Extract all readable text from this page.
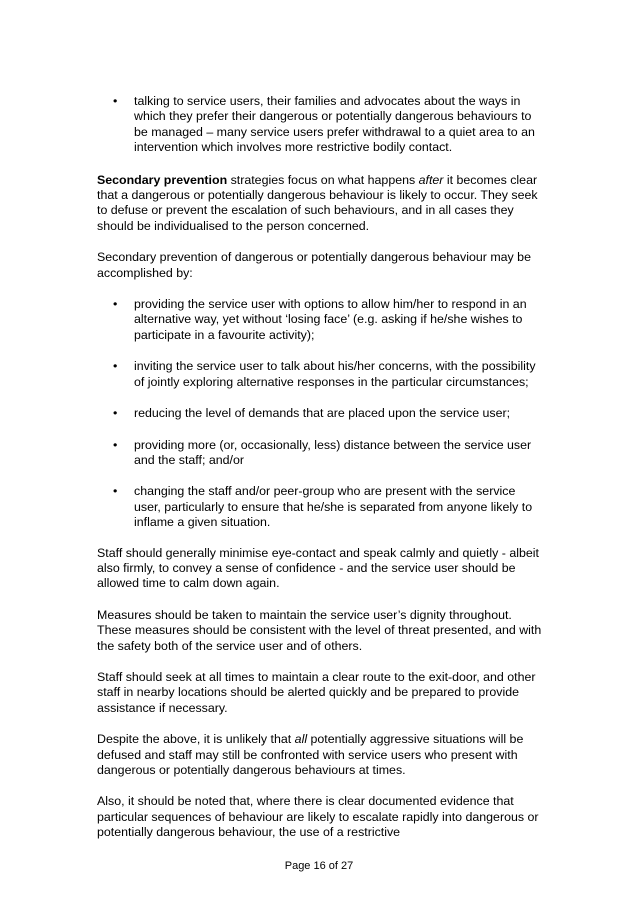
• talking to service users, their families and advocates about the ways in which they prefer their dangerous or potentially dangerous behaviours to be managed – many service users prefer withdrawal to a quiet area to an intervention which involves more restrictive bodily contact.

Secondary prevention strategies focus on what happens after it becomes clear that a dangerous or potentially dangerous behaviour is likely to occur. They seek to defuse or prevent the escalation of such behaviours, and in all cases they should be individualised to the person concerned.

Secondary prevention of dangerous or potentially dangerous behaviour may be accomplished by:

• providing the service user with options to allow him/her to respond in an alternative way, yet without ‘losing face’ (e.g. asking if he/she wishes to participate in a favourite activity);
• inviting the service user to talk about his/her concerns, with the possibility of jointly exploring alternative responses in the particular circumstances;
• reducing the level of demands that are placed upon the service user;
• providing more (or, occasionally, less) distance between the service user and the staff; and/or
• changing the staff and/or peer-group who are present with the service user, particularly to ensure that he/she is separated from anyone likely to inflame a given situation.

Staff should generally minimise eye-contact and speak calmly and quietly - albeit also firmly, to convey a sense of confidence - and the service user should be allowed time to calm down again.

Measures should be taken to maintain the service user’s dignity throughout. These measures should be consistent with the level of threat presented, and with the safety both of the service user and of others.

Staff should seek at all times to maintain a clear route to the exit-door, and other staff in nearby locations should be alerted quickly and be prepared to provide assistance if necessary.

Despite the above, it is unlikely that all potentially aggressive situations will be defused and staff may still be confronted with service users who present with dangerous or potentially dangerous behaviours at times.

Also, it should be noted that, where there is clear documented evidence that particular sequences of behaviour are likely to escalate rapidly into dangerous or potentially dangerous behaviour, the use of a restrictive

Page 16 of 27
